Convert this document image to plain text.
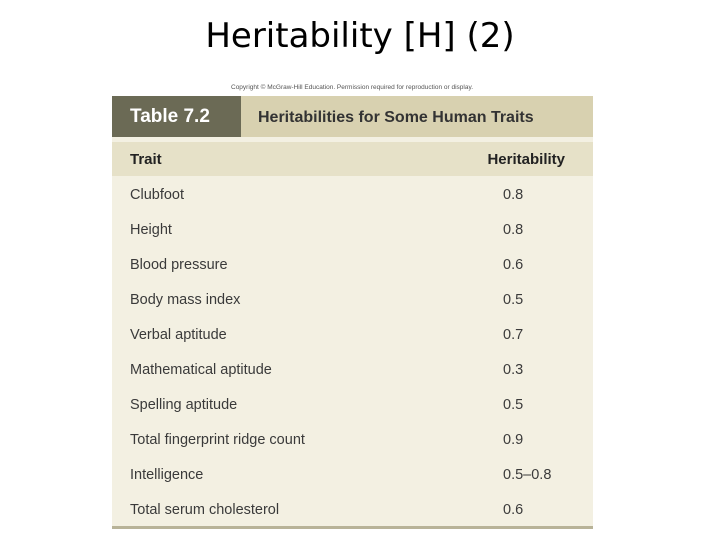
Heritability [H] (2)
Copyright © McGraw-Hill Education. Permission required for reproduction or display.
Table 7.2	Heritabilities for Some Human Traits
Trait	Heritability
Clubfoot	0.8
Height	0.8
Blood pressure	0.6
Body mass index	0.5
Verbal aptitude	0.7
Mathematical aptitude	0.3
Spelling aptitude	0.5
Total fingerprint ridge count	0.9
Intelligence	0.5–0.8
Total serum cholesterol	0.6
